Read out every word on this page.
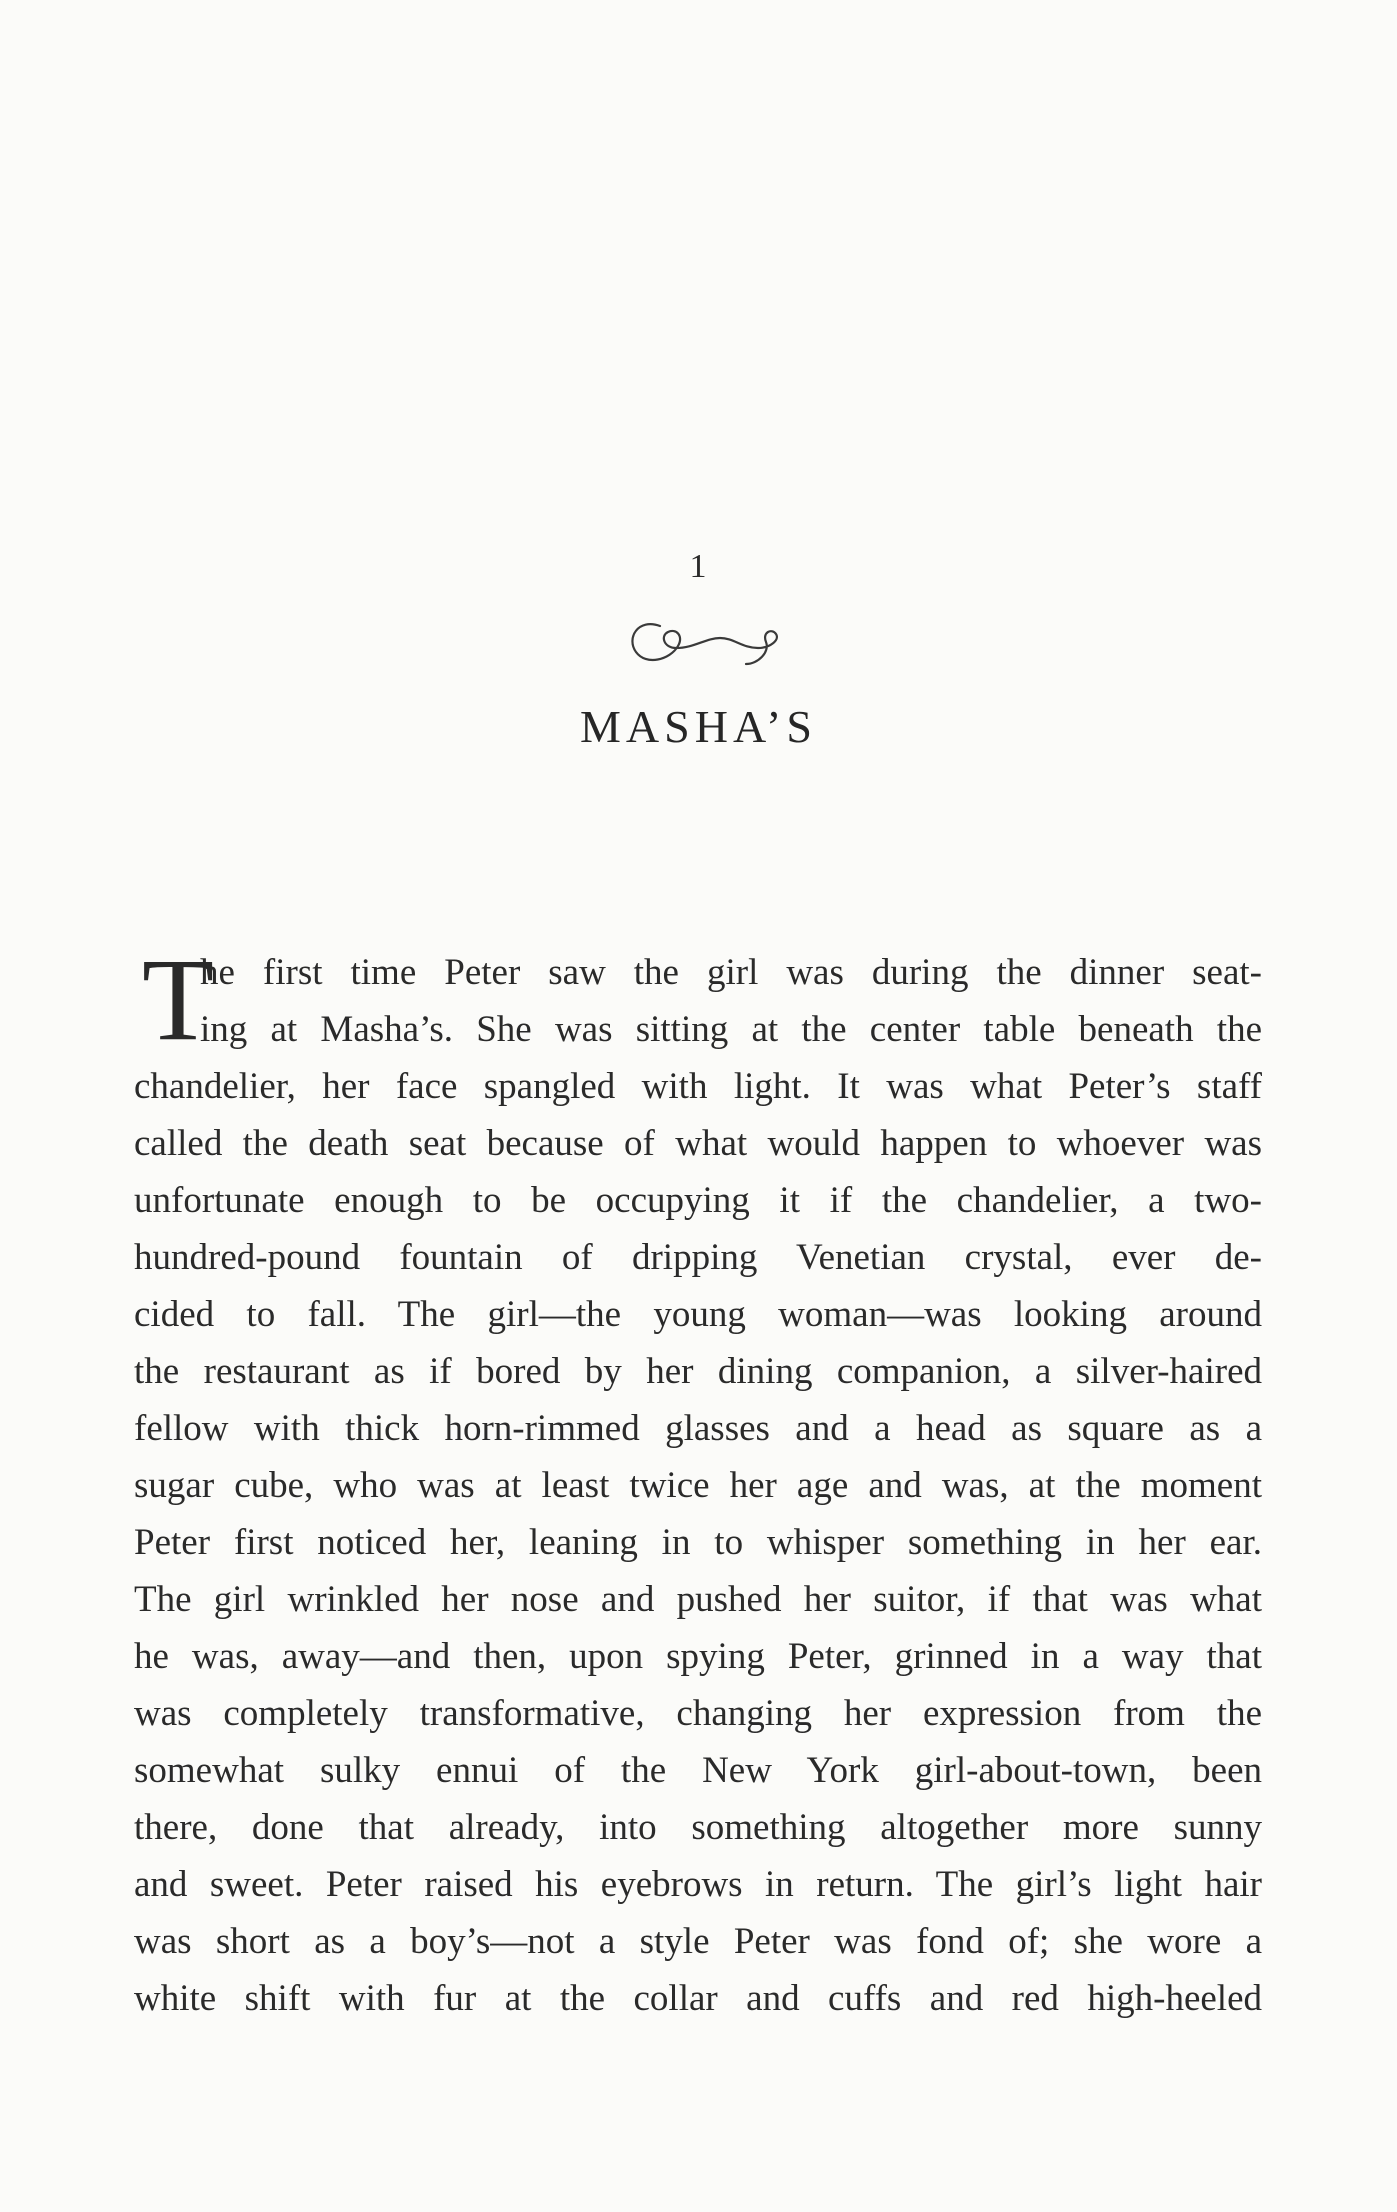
1
MASHA’S
T
he first time Peter saw the girl was during the dinner seat-
ing at Masha’s. She was sitting at the center table beneath the
chandelier, her face spangled with light. It was what Peter’s staff
called the death seat because of what would happen to whoever was
unfortunate enough to be occupying it if the chandelier, a two-
hundred-pound fountain of dripping Venetian crystal, ever de-
cided to fall. The girl—the young woman—was looking around
the restaurant as if bored by her dining companion, a silver-haired
fellow with thick horn-rimmed glasses and a head as square as a
sugar cube, who was at least twice her age and was, at the moment
Peter first noticed her, leaning in to whisper something in her ear.
The girl wrinkled her nose and pushed her suitor, if that was what
he was, away—and then, upon spying Peter, grinned in a way that
was completely transformative, changing her expression from the
somewhat sulky ennui of the New York girl-about-town, been
there, done that already, into something altogether more sunny
and sweet. Peter raised his eyebrows in return. The girl’s light hair
was short as a boy’s—not a style Peter was fond of; she wore a
white shift with fur at the collar and cuffs and red high-heeled
